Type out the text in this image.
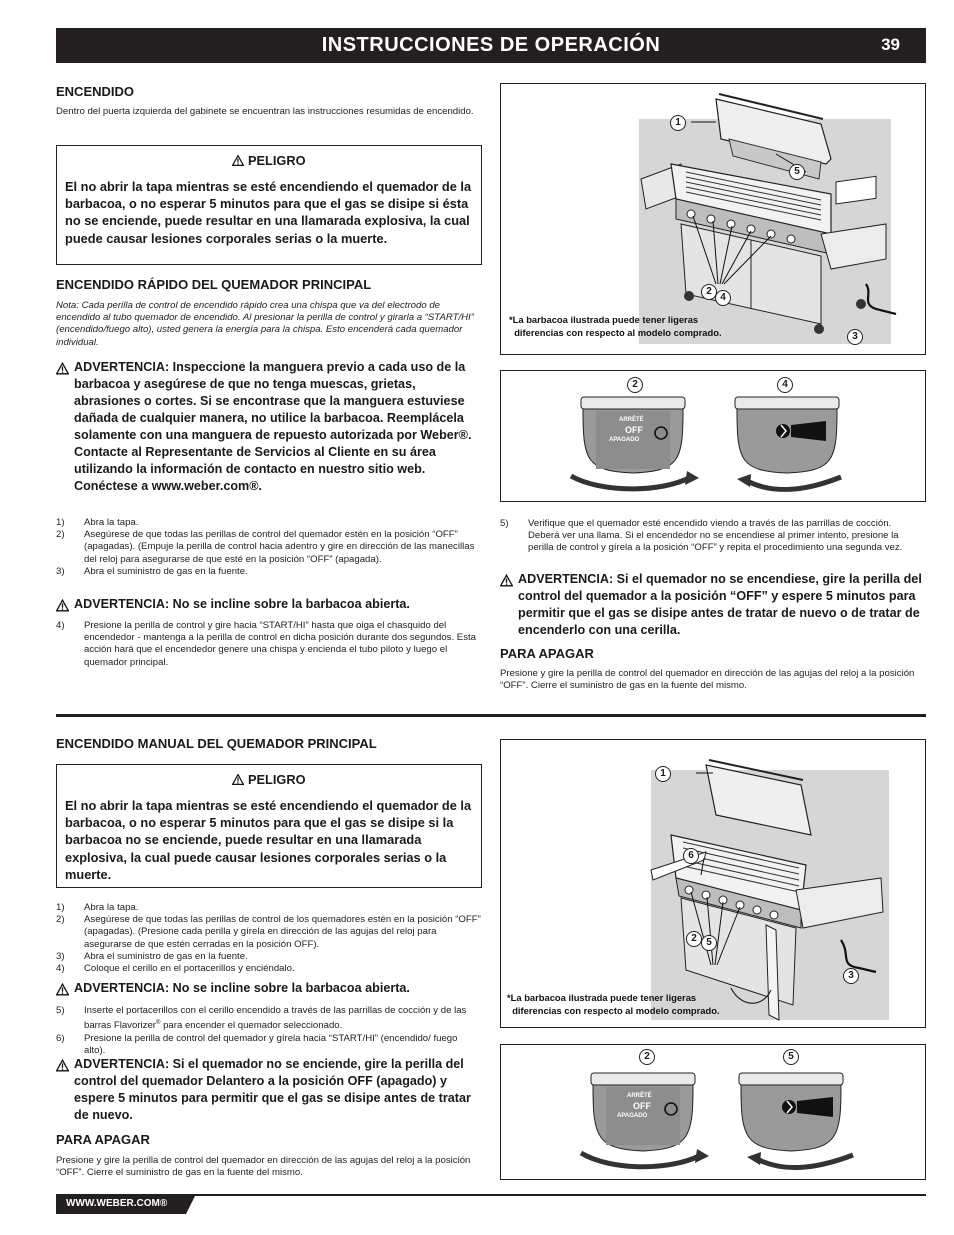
INSTRUCCIONES DE OPERACIÓN	39
ENCENDIDO
Dentro del puerta izquierda del gabinete se encuentran las instrucciones resumidas de encendido.
PELIGRO
El no abrir la tapa mientras se esté encendiendo el quemador de la barbacoa, o no esperar 5 minutos para que el gas se disipe si ésta no se enciende, puede resultar en una llamarada explosiva, la cual puede causar lesiones corporales serias o la muerte.
ENCENDIDO RÁPIDO DEL QUEMADOR PRINCIPAL
Nota: Cada perilla de control de encendido rápido crea una chispa que va del electrodo de encendido al tubo quemador de encendido. Al presionar la perilla de control y girarla a “START/HI” (encendido/fuego alto), usted genera la energía para la chispa. Esto encenderá cada quemador individual.
ADVERTENCIA: Inspeccione la manguera previo a cada uso de la barbacoa y asegúrese de que no tenga muescas, grietas, abrasiones o cortes. Si se encontrase que la manguera estuviese dañada de cualquier manera, no utilice la barbacoa. Reemplácela solamente con una manguera de repuesto autorizada por Weber®. Contacte al Representante de Servicios al Cliente en su área utilizando la información de contacto en nuestro sitio web.
Conéctese a www.weber.com®.
1)	Abra la tapa.
2)	Asegúrese de que todas las perillas de control del quemador estén en la posición “OFF” (apagadas). (Empuje la perilla de control hacia adentro y gire en dirección de las manecillas del reloj para asegurarse de que esté en la posición “OFF” (apagada).
3)	Abra el suministro de gas en la fuente.
ADVERTENCIA: No se incline sobre la barbacoa abierta.
4)	Presione la perilla de control y gire hacia “START/HI” hasta que oiga el chasquido del encendedor - mantenga a la perilla de control en dicha posición durante dos segundos. Esta acción hará que el encendedor genere una chispa y encienda el tubo piloto y luego el quemador principal.
1
5
2
4
3
*La barbacoa ilustrada puede tener ligeras
diferencias con respecto al modelo comprado.
ARRÊTÉ
OFF
APAGADO
2	4
5)	Verifique que el quemador esté encendido viendo a través de las parrillas de cocción. Deberá ver una llama. Si el encendedor no se encendiese al primer intento, presione la perilla de control y gírela a la posición “OFF” y repita el procedimiento una segunda vez.
ADVERTENCIA: Si el quemador no se encendiese, gire la perilla del control del quemador a la posición “OFF” y espere 5 minutos para permitir que el gas se disipe antes de tratar de nuevo o de tratar de encenderlo con una cerilla.
PARA APAGAR
Presione y gire la perilla de control del quemador en dirección de las agujas del reloj a la posición “OFF”. Cierre el suministro de gas en la fuente del mismo.
ENCENDIDO MANUAL DEL QUEMADOR PRINCIPAL
PELIGRO
El no abrir la tapa mientras se esté encendiendo el quemador de la barbacoa, o no esperar 5 minutos para que el gas se disipe si la barbacoa no se enciende, puede resultar en una llamarada explosiva, la cual puede causar lesiones corporales serias o la muerte.
1)	Abra la tapa.
2)	Asegúrese de que todas las perillas de control de los quemadores estén en la posición “OFF” (apagadas). (Presione cada perilla y gírela en dirección de las agujas del reloj para asegurarse de que estén cerradas en la posición OFF).
3)	Abra el suministro de gas en la fuente.
4)	Coloque el cerillo en el portacerillos y enciéndalo.
ADVERTENCIA: No se incline sobre la barbacoa abierta.
5)	Inserte el portacerillos con el cerillo encendido a través de las parrillas de cocción y de las barras Flavorizer® para encender el quemador seleccionado.
6)	Presione la perilla de control del quemador y gírela hacia “START/HI” (encendido/ fuego alto).
ADVERTENCIA: Si el quemador no se enciende, gire la perilla del control del quemador Delantero a la posición OFF (apagado) y espere 5 minutos para permitir que el gas se disipe antes de tratar de nuevo.
PARA APAGAR
Presione y gire la perilla de control del quemador en dirección de las agujas del reloj a la posición “OFF”. Cierre el suministro de gas en la fuente del mismo.
1
6
2 5
3
*La barbacoa ilustrada puede tener ligeras
diferencias con respecto al modelo comprado.
ARRÊTÉ
OFF
APAGADO
2	5
WWW.WEBER.COM®
